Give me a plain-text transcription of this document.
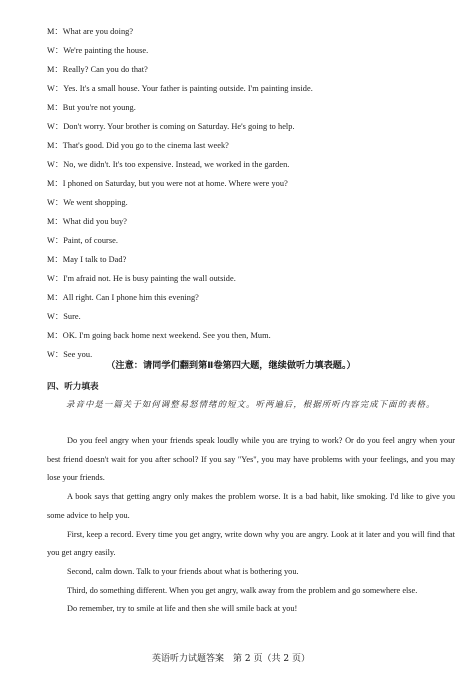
M：What are you doing?
W：We're painting the house.
M：Really? Can you do that?
W：Yes. It's a small house. Your father is painting outside. I'm painting inside.
M：But you're not young.
W：Don't worry. Your brother is coming on Saturday. He's going to help.
M：That's good. Did you go to the cinema last week?
W：No, we didn't. It's too expensive. Instead, we worked in the garden.
M：I phoned on Saturday, but you were not at home. Where were you?
W：We went shopping.
M：What did you buy?
W：Paint, of course.
M：May I talk to Dad?
W：I'm afraid not. He is busy painting the wall outside.
M：All right. Can I phone him this evening?
W：Sure.
M：OK. I'm going back home next weekend. See you then, Mum.
W：See you.
（注意：请同学们翻到第Ⅱ卷第四大题，继续做听力填表题。）
四、听力填表
录音中是一篇关于如何调整易怒情绪的短文。听两遍后，根据所听内容完成下面的表格。

Do you feel angry when your friends speak loudly while you are trying to work? Or do you feel angry when your best friend doesn't wait for you after school? If you say "Yes", you may have problems with your feelings, and you may lose your friends.

A book says that getting angry only makes the problem worse. It is a bad habit, like smoking. I'd like to give you some advice to help you.

First, keep a record. Every time you get angry, write down why you are angry. Look at it later and you will find that you get angry easily.

Second, calm down. Talk to your friends about what is bothering you.

Third, do something different. When you get angry, walk away from the problem and go somewhere else.

Do remember, try to smile at life and then she will smile back at you!

英语听力试题答案　第 2 页（共 2 页）
